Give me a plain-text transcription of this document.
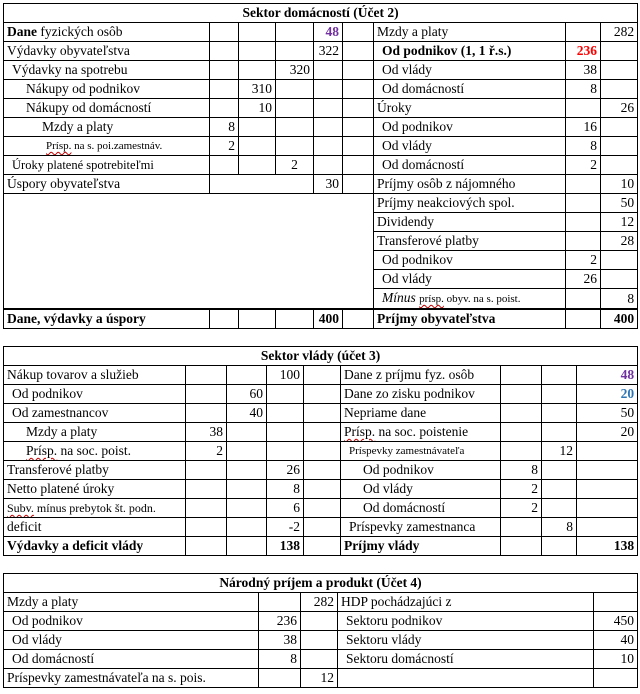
Sektor domácností (Účet 2)								
Dane fyzických osôb				48		Mzdy a platy		282
Výdavky obyvateľstva				322		Od podnikov (1, 1 ř.s.)	236	
Výdavky na spotrebu			320			Od vlády	38	
Nákupy od podnikov		310				Od domácností	8	
Nákupy od domácností		10				Úroky		26
Mzdy a platy	8					Od podnikov	16	
Prísp. na s. poi.zamestnáv.	2					Od vlády	8	
Úroky platené spotrebiteľmi			2			Od domácností	2	
Úspory obyvateľstva				30		Príjmy osôb z nájomného		10
						Príjmy neakciových spol.		50
						Dividendy		12
						Transferové platby		28
						Od podnikov	2	
						Od vlády	26	
						Mínus prísp. obyv. na s. poist.		8
Dane, výdavky a úspory				400		Príjmy obyvateľstva		400
Sektor vlády (účet 3)								
Nákup tovarov a služieb			100		Dane z príjmu fyz. osôb			48
Od podnikov		60			Dane zo zisku podnikov			20
Od zamestnancov		40			Nepriame dane			50
Mzdy a platy	38				Prísp. na soc. poistenie			20
Prísp. na soc. poist.	2				Príspevky zamestnávateľa		12	
Transferové platby			26		Od podnikov	8		
Netto platené úroky			8		Od vlády	2		
Subv. mínus prebytok št. podn.			6		Od domácností	2		
deficit			-2		Príspevky zamestnanca		8	
Výdavky a deficit vlády			138		Príjmy vlády			138
Národný príjem a produkt (Účet 4)				
Mzdy a platy		282	HDP pochádzajúci z	
Od podnikov	236		Sektoru podnikov	450
Od vlády	38		Sektoru vlády	40
Od domácností	8		Sektoru domácností	10
Príspevky zamestnávateľa na s. pois.		12		
